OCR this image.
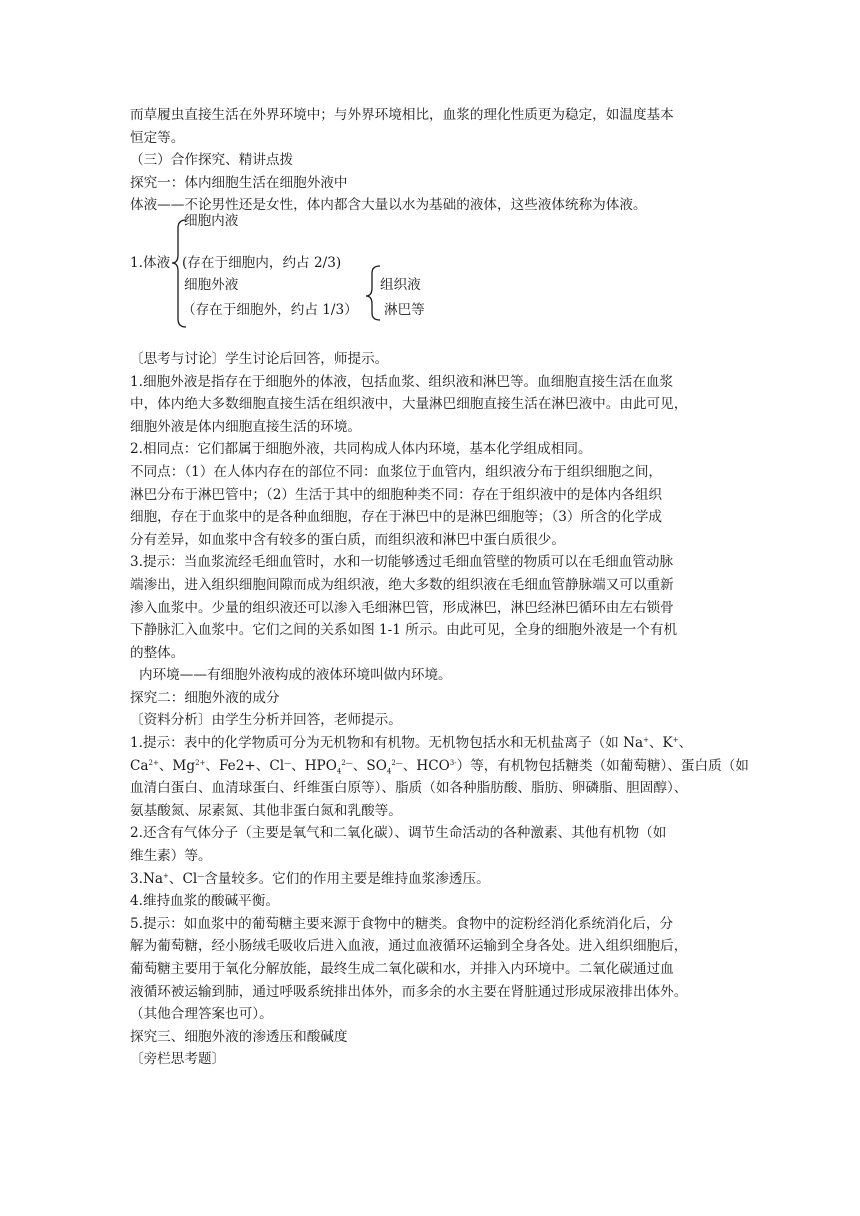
而草履虫直接生活在外界环境中；与外界环境相比，血浆的理化性质更为稳定，如温度基本
恒定等。
（三）合作探究、精讲点拨
探究一：体内细胞生活在细胞外液中
体液——不论男性还是女性，体内都含大量以水为基础的液体，这些液体统称为体液。
细胞内液
1.体液 (存在于细胞内，约占 2/3)
细胞外液	组织液
（存在于细胞外，约占 1/3） 淋巴等
〔思考与讨论〕学生讨论后回答，师提示。
1.细胞外液是指存在于细胞外的体液，包括血浆、组织液和淋巴等。血细胞直接生活在血浆
中，体内绝大多数细胞直接生活在组织液中，大量淋巴细胞直接生活在淋巴液中。由此可见，
细胞外液是体内细胞直接生活的环境。
2.相同点：它们都属于细胞外液，共同构成人体内环境，基本化学组成相同。
不同点：（1）在人体内存在的部位不同：血浆位于血管内，组织液分布于组织细胞之间，
淋巴分布于淋巴管中；（2）生活于其中的细胞种类不同：存在于组织液中的是体内各组织
细胞，存在于血浆中的是各种血细胞，存在于淋巴中的是淋巴细胞等；（3）所含的化学成
分有差异，如血浆中含有较多的蛋白质，而组织液和淋巴中蛋白质很少。
3.提示：当血浆流经毛细血管时，水和一切能够透过毛细血管壁的物质可以在毛细血管动脉
端渗出，进入组织细胞间隙而成为组织液，绝大多数的组织液在毛细血管静脉端又可以重新
渗入血浆中。少量的组织液还可以渗入毛细淋巴管，形成淋巴，淋巴经淋巴循环由左右锁骨
下静脉汇入血浆中。它们之间的关系如图 1-1 所示。由此可见，全身的细胞外液是一个有机
的整体。
内环境——有细胞外液构成的液体环境叫做内环境。
探究二：细胞外液的成分
〔资料分析〕由学生分析并回答，老师提示。
1.提示：表中的化学物质可分为无机物和有机物。无机物包括水和无机盐离子（如 Na+、K+、
$Ca^{2+}$、$Mg^{2+}$、Fe2+、Cl—、$HPO_4^{2—}$、$SO_4^{2—}$、$HCO^{3-}$）等，有机物包括糖类（如葡萄糖）、蛋白质（如
血清白蛋白、血清球蛋白、纤维蛋白原等）、脂质（如各种脂肪酸、脂肪、卵磷脂、胆固醇）、
氨基酸氮、尿素氮、其他非蛋白氮和乳酸等。
2.还含有气体分子（主要是氧气和二氧化碳）、调节生命活动的各种激素、其他有机物（如
维生素）等。
3.Na+、Cl—含量较多。它们的作用主要是维持血浆渗透压。
4.维持血浆的酸碱平衡。
5.提示：如血浆中的葡萄糖主要来源于食物中的糖类。食物中的淀粉经消化系统消化后，分
解为葡萄糖，经小肠绒毛吸收后进入血液，通过血液循环运输到全身各处。进入组织细胞后，
葡萄糖主要用于氧化分解放能，最终生成二氧化碳和水，并排入内环境中。二氧化碳通过血
液循环被运输到肺，通过呼吸系统排出体外，而多余的水主要在肾脏通过形成尿液排出体外。
（其他合理答案也可）。
探究三、细胞外液的渗透压和酸碱度
〔旁栏思考题〕
